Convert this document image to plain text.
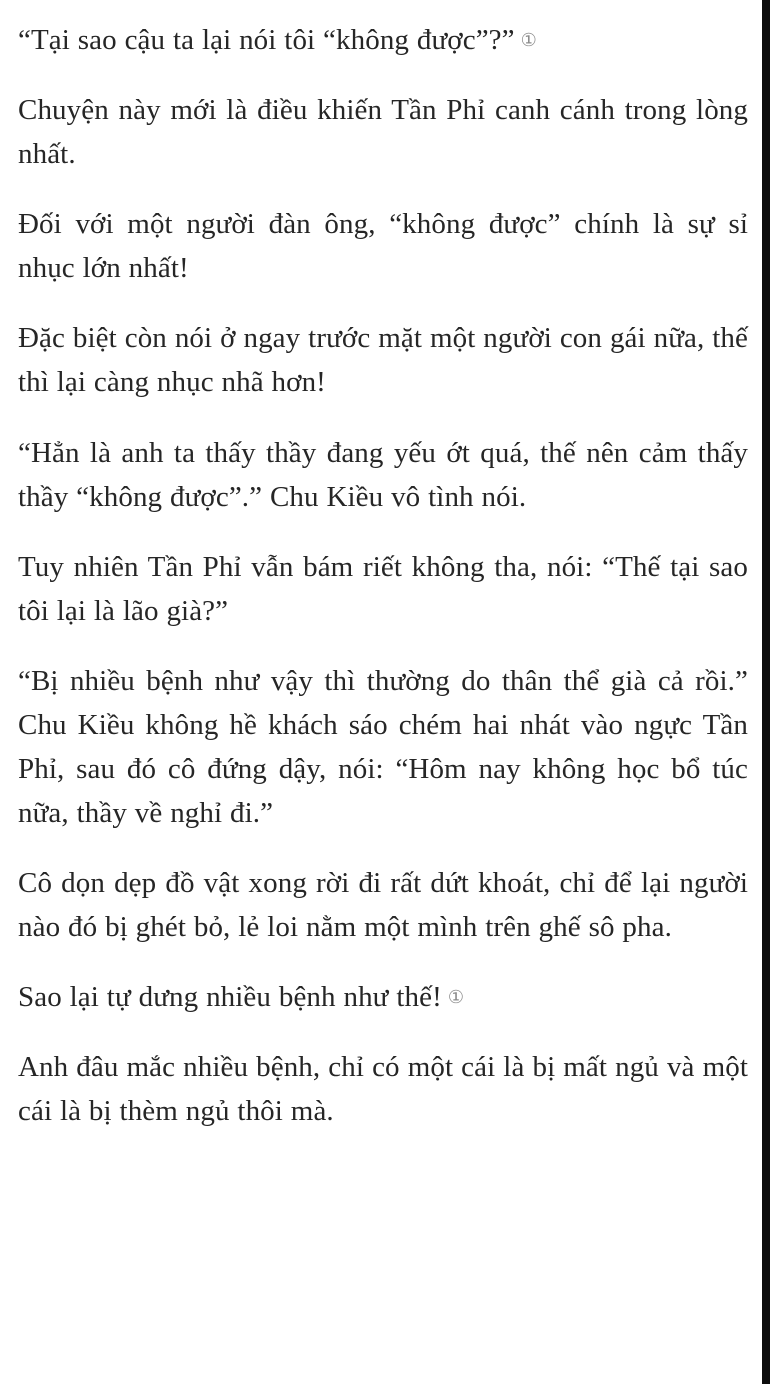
“Tại sao cậu ta lại nói tôi “không được”?” ①

Chuyện này mới là điều khiến Tần Phỉ canh cánh trong lòng nhất.

Đối với một người đàn ông, “không được” chính là sự sỉ nhục lớn nhất!

Đặc biệt còn nói ở ngay trước mặt một người con gái nữa, thế thì lại càng nhục nhã hơn!

“Hẳn là anh ta thấy thầy đang yếu ớt quá, thế nên cảm thấy thầy “không được”.” Chu Kiều vô tình nói.

Tuy nhiên Tần Phỉ vẫn bám riết không tha, nói: “Thế tại sao tôi lại là lão già?”

“Bị nhiều bệnh như vậy thì thường do thân thể già cả rồi.” Chu Kiều không hề khách sáo chém hai nhát vào ngực Tần Phỉ, sau đó cô đứng dậy, nói: “Hôm nay không học bổ túc nữa, thầy về nghỉ đi.”

Cô dọn dẹp đồ vật xong rời đi rất dứt khoát, chỉ để lại người nào đó bị ghét bỏ, lẻ loi nằm một mình trên ghế sô pha.

Sao lại tự dưng nhiều bệnh như thế! ①

Anh đâu mắc nhiều bệnh, chỉ có một cái là bị mất ngủ và một cái là bị thèm ngủ thôi mà.
